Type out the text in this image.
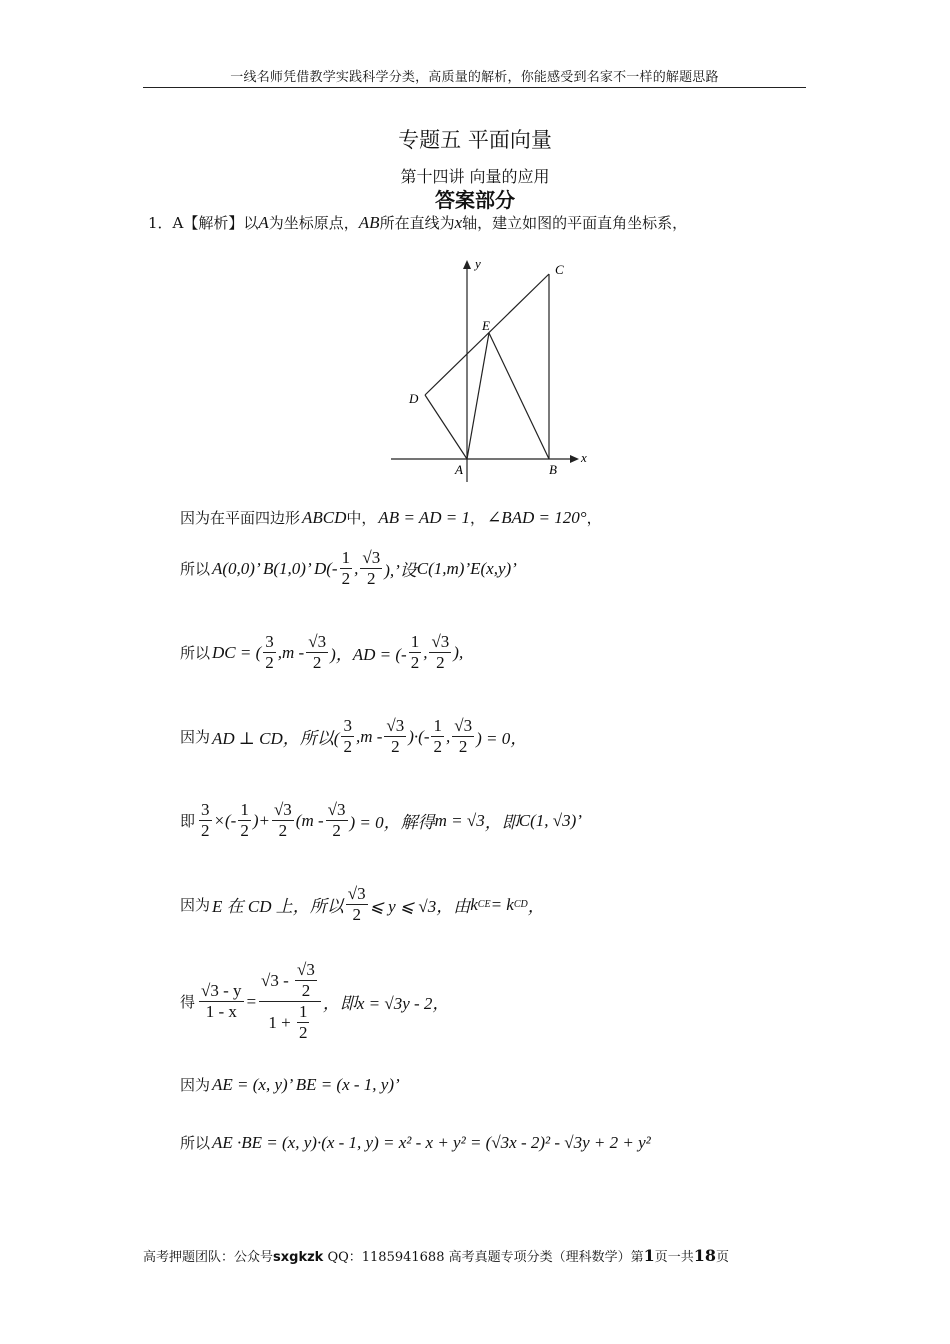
一线名师凭借教学实践科学分类，高质量的解析，你能感受到名家不一样的解题思路
专题五 平面向量
第十四讲 向量的应用
答案部分
1．A【解析】以A为坐标原点，AB所在直线为x轴，建立如图的平面直角坐标系，
y
x
A	B
C
D
E
因为在平面四边形 ABCD 中， AB = AD = 1 ， ∠BAD = 120° ，
所以 A(0,0)’ B(1,0)’ $D(- \frac{1}{2}$ , $\frac{√3}{2}$ ),’设 C(1,m)’E(x,y)’
所以 DC = ( $\frac{3}{2} ,m - \frac{√3}{2}$ )，AD = (- $\frac{1}{2}$ , $\frac{√3}{2}$ ),
因为 AD ⊥ CD，所以( $\frac{3}{2} ,m - \frac{√3}{2}$ )·(- $\frac{1}{2}$ , $\frac{√3}{2}$ ) = 0，
即 $\frac{3}{2}$ ×(- $\frac{1}{2}$ )+ $\frac{√3}{2} (m - \frac{√3}{2}$ ) = 0，解得 m = √3 ，即 C(1, √3)’
因为 E 在 CD 上，所以 $\frac{√3}{2}$ ⩽ y ⩽ √3，由 k CE = k CD ，
得 $\frac{√3 - y}{1 - x}$ = √ $3 - \frac{√3}{2}$
1 +
$\frac{1}{2}$ ，即 x = √3y - 2，
因为 AE = (x, y)’ BE = (x - 1, y)’
所以 AE ·BE = (x, y)·(x - 1, y) = x² - x + y² = (√3x - 2)² - √3y + 2 + y²
高考押题团队：公众号sxgkzk QQ：1185941688 高考真题专项分类（理科数学）第1页一共18页
